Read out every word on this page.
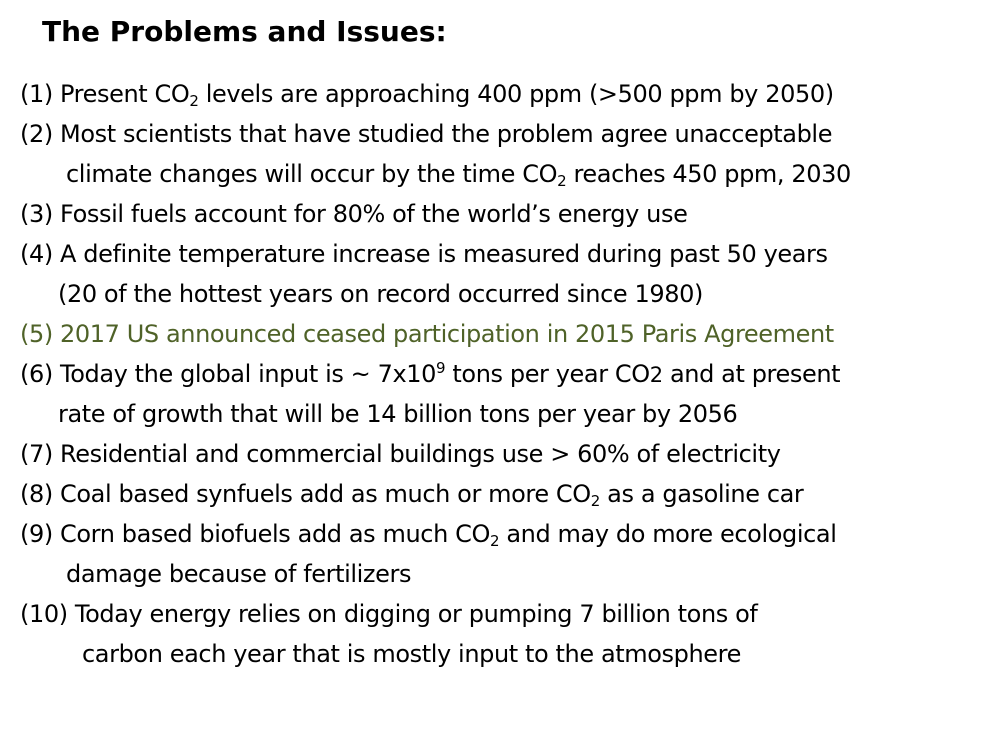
The Problems and Issues:
(1) Present $CO_2$ levels are approaching 400 ppm (>500 ppm by 2050)
(2) Most scientists that have studied the problem agree unacceptable
climate changes will occur by the time $CO_2$ reaches 450 ppm, 2030
(3) Fossil fuels account for 80% of the world’s energy use
(4) A definite temperature increase is measured during past 50 years
(20 of the hottest years on record occurred since 1980)
(5) 2017 US announced ceased participation in 2015 Paris Agreement
(6) Today the global input is ~ $7x10^9$ tons per year CO2 and at present
rate of growth that will be 14 billion tons per year by 2056
(7) Residential and commercial buildings use > 60% of electricity
(8) Coal based synfuels add as much or more $CO_2$ as a gasoline car
(9) Corn based biofuels add as much $CO_2$ and may do more ecological
damage because of fertilizers
(10) Today energy relies on digging or pumping 7 billion tons of
carbon each year that is mostly input to the atmosphere
